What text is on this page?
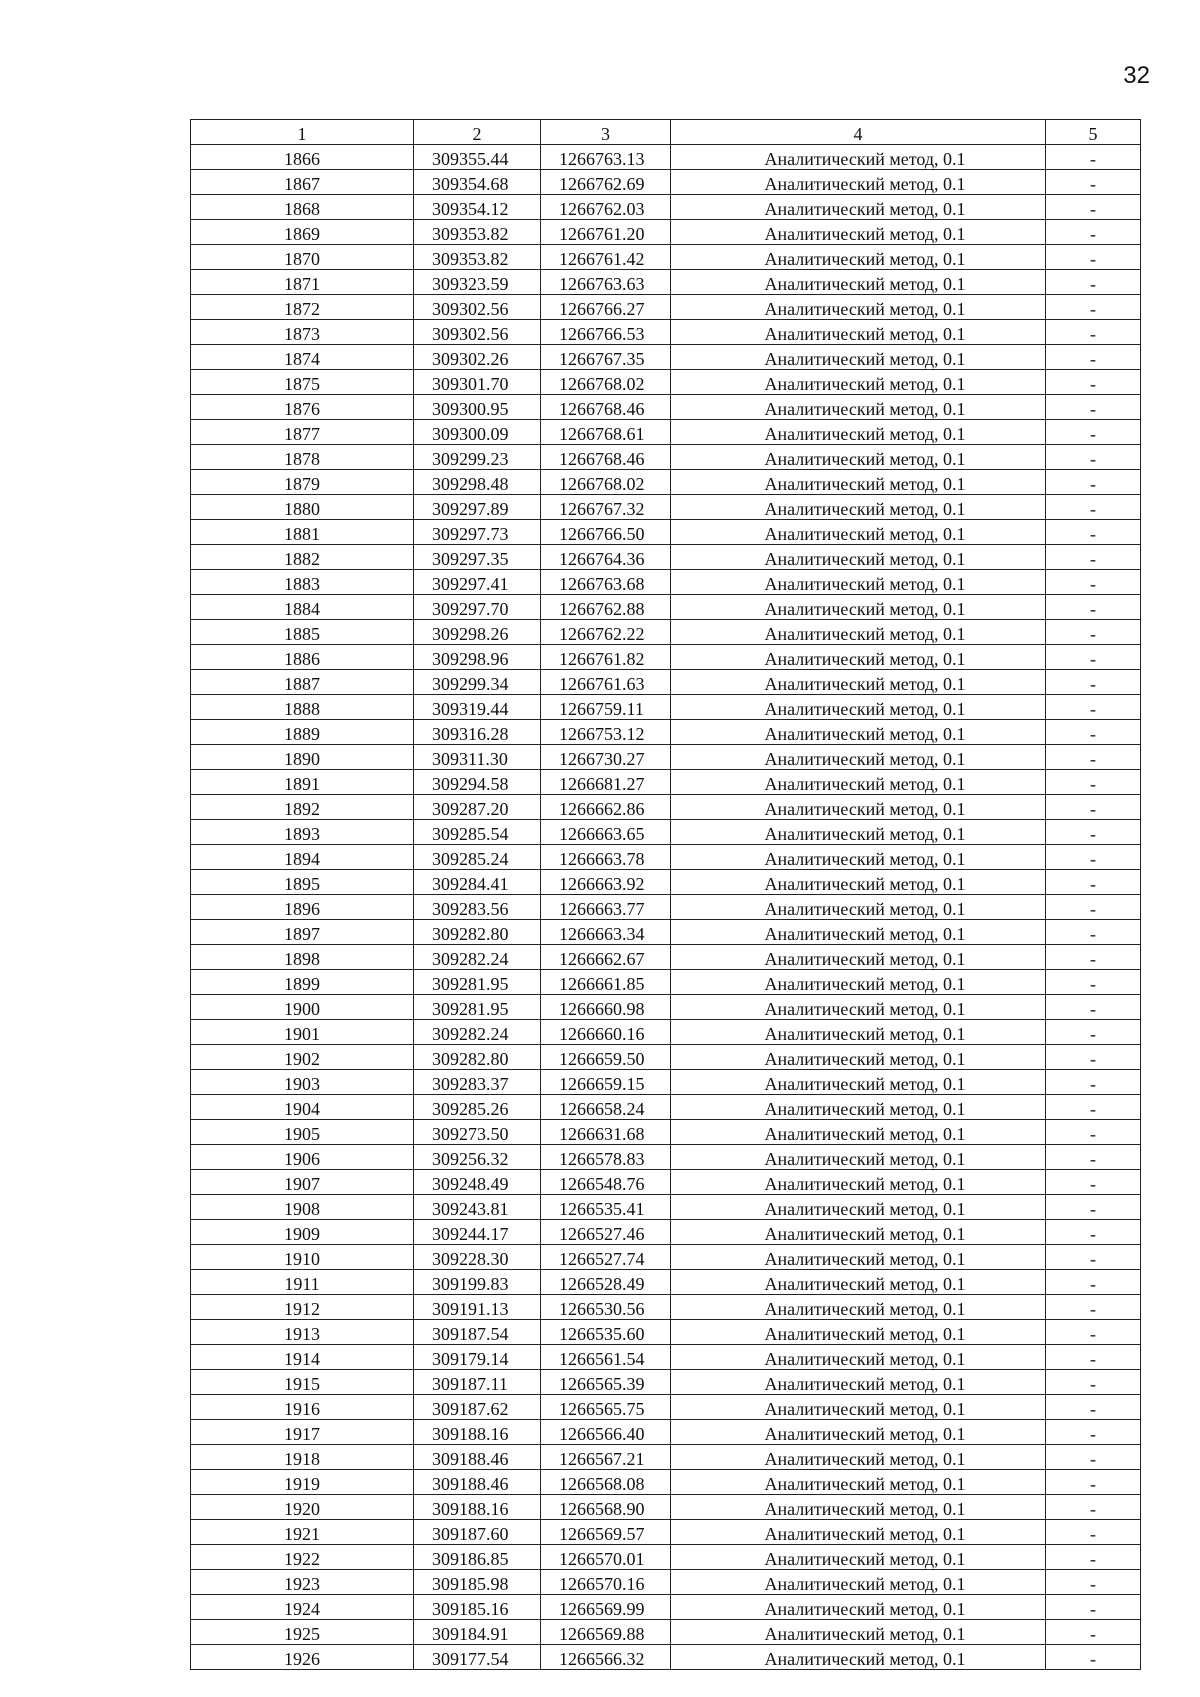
32
1	2	3	4	5
1866	309355.44	1266763.13	Аналитический метод, 0.1	-
1867	309354.68	1266762.69	Аналитический метод, 0.1	-
1868	309354.12	1266762.03	Аналитический метод, 0.1	-
1869	309353.82	1266761.20	Аналитический метод, 0.1	-
1870	309353.82	1266761.42	Аналитический метод, 0.1	-
1871	309323.59	1266763.63	Аналитический метод, 0.1	-
1872	309302.56	1266766.27	Аналитический метод, 0.1	-
1873	309302.56	1266766.53	Аналитический метод, 0.1	-
1874	309302.26	1266767.35	Аналитический метод, 0.1	-
1875	309301.70	1266768.02	Аналитический метод, 0.1	-
1876	309300.95	1266768.46	Аналитический метод, 0.1	-
1877	309300.09	1266768.61	Аналитический метод, 0.1	-
1878	309299.23	1266768.46	Аналитический метод, 0.1	-
1879	309298.48	1266768.02	Аналитический метод, 0.1	-
1880	309297.89	1266767.32	Аналитический метод, 0.1	-
1881	309297.73	1266766.50	Аналитический метод, 0.1	-
1882	309297.35	1266764.36	Аналитический метод, 0.1	-
1883	309297.41	1266763.68	Аналитический метод, 0.1	-
1884	309297.70	1266762.88	Аналитический метод, 0.1	-
1885	309298.26	1266762.22	Аналитический метод, 0.1	-
1886	309298.96	1266761.82	Аналитический метод, 0.1	-
1887	309299.34	1266761.63	Аналитический метод, 0.1	-
1888	309319.44	1266759.11	Аналитический метод, 0.1	-
1889	309316.28	1266753.12	Аналитический метод, 0.1	-
1890	309311.30	1266730.27	Аналитический метод, 0.1	-
1891	309294.58	1266681.27	Аналитический метод, 0.1	-
1892	309287.20	1266662.86	Аналитический метод, 0.1	-
1893	309285.54	1266663.65	Аналитический метод, 0.1	-
1894	309285.24	1266663.78	Аналитический метод, 0.1	-
1895	309284.41	1266663.92	Аналитический метод, 0.1	-
1896	309283.56	1266663.77	Аналитический метод, 0.1	-
1897	309282.80	1266663.34	Аналитический метод, 0.1	-
1898	309282.24	1266662.67	Аналитический метод, 0.1	-
1899	309281.95	1266661.85	Аналитический метод, 0.1	-
1900	309281.95	1266660.98	Аналитический метод, 0.1	-
1901	309282.24	1266660.16	Аналитический метод, 0.1	-
1902	309282.80	1266659.50	Аналитический метод, 0.1	-
1903	309283.37	1266659.15	Аналитический метод, 0.1	-
1904	309285.26	1266658.24	Аналитический метод, 0.1	-
1905	309273.50	1266631.68	Аналитический метод, 0.1	-
1906	309256.32	1266578.83	Аналитический метод, 0.1	-
1907	309248.49	1266548.76	Аналитический метод, 0.1	-
1908	309243.81	1266535.41	Аналитический метод, 0.1	-
1909	309244.17	1266527.46	Аналитический метод, 0.1	-
1910	309228.30	1266527.74	Аналитический метод, 0.1	-
1911	309199.83	1266528.49	Аналитический метод, 0.1	-
1912	309191.13	1266530.56	Аналитический метод, 0.1	-
1913	309187.54	1266535.60	Аналитический метод, 0.1	-
1914	309179.14	1266561.54	Аналитический метод, 0.1	-
1915	309187.11	1266565.39	Аналитический метод, 0.1	-
1916	309187.62	1266565.75	Аналитический метод, 0.1	-
1917	309188.16	1266566.40	Аналитический метод, 0.1	-
1918	309188.46	1266567.21	Аналитический метод, 0.1	-
1919	309188.46	1266568.08	Аналитический метод, 0.1	-
1920	309188.16	1266568.90	Аналитический метод, 0.1	-
1921	309187.60	1266569.57	Аналитический метод, 0.1	-
1922	309186.85	1266570.01	Аналитический метод, 0.1	-
1923	309185.98	1266570.16	Аналитический метод, 0.1	-
1924	309185.16	1266569.99	Аналитический метод, 0.1	-
1925	309184.91	1266569.88	Аналитический метод, 0.1	-
1926	309177.54	1266566.32	Аналитический метод, 0.1	-
